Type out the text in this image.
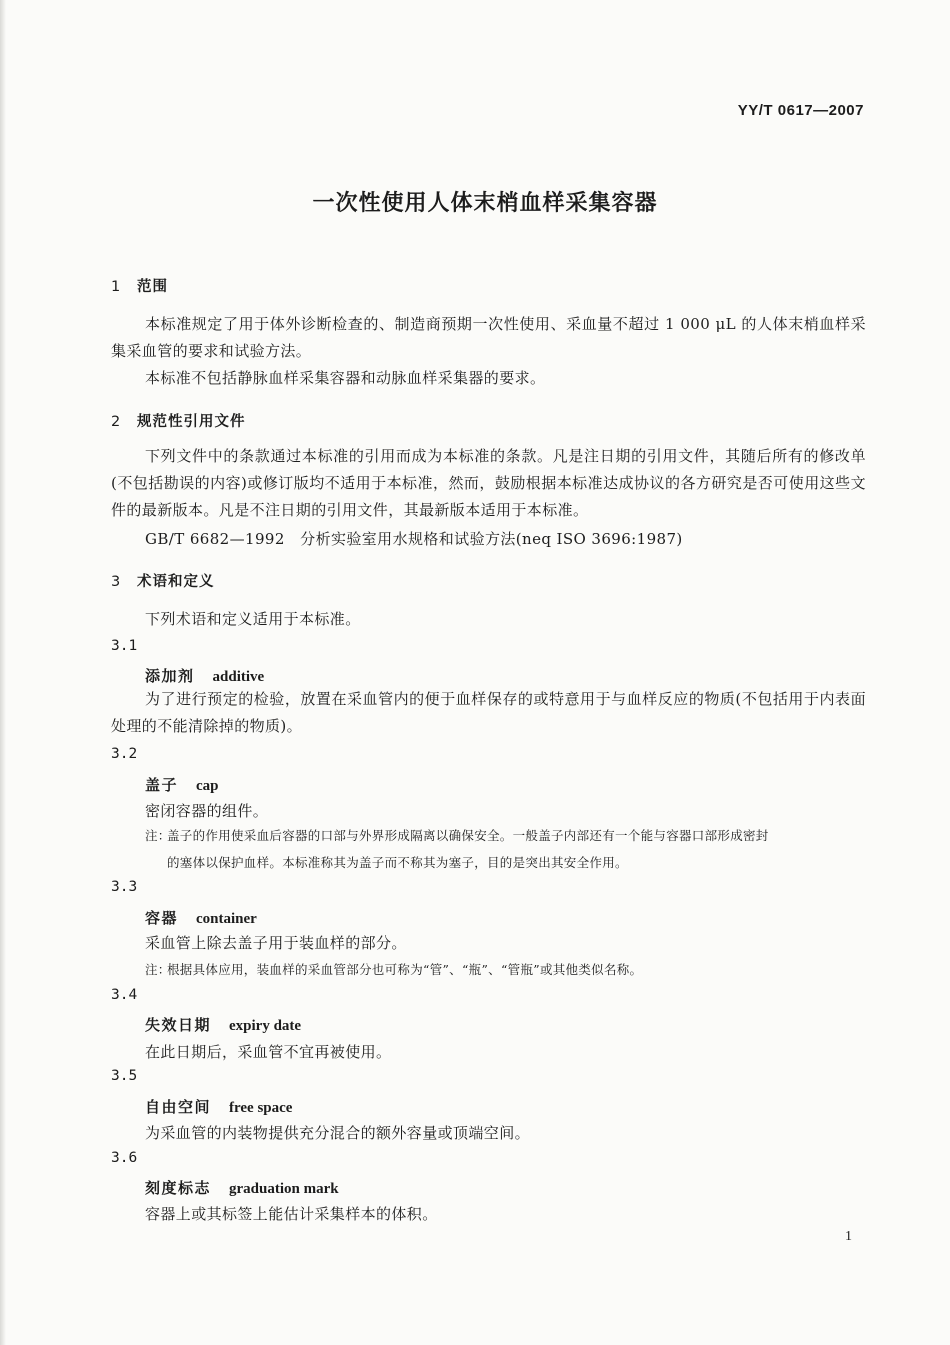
YY/T 0617—2007
一次性使用人体末梢血样采集容器
1 范围
本标准规定了用于体外诊断检查的、制造商预期一次性使用、采血量不超过 1 000 μL 的人体末梢血样采集采血管的要求和试验方法。
本标准不包括静脉血样采集容器和动脉血样采集器的要求。
2 规范性引用文件
下列文件中的条款通过本标准的引用而成为本标准的条款。凡是注日期的引用文件，其随后所有的修改单(不包括勘误的内容)或修订版均不适用于本标准，然而，鼓励根据本标准达成协议的各方研究是否可使用这些文件的最新版本。凡是不注日期的引用文件，其最新版本适用于本标准。
GB/T 6682—1992　分析实验室用水规格和试验方法(neq ISO 3696:1987)
3 术语和定义
下列术语和定义适用于本标准。
3.1
添加剂 additive
为了进行预定的检验，放置在采血管内的便于血样保存的或特意用于与血样反应的物质(不包括用于内表面处理的不能清除掉的物质)。
3.2
盖子 cap
密闭容器的组件。
注：盖子的作用使采血后容器的口部与外界形成隔离以确保安全。一般盖子内部还有一个能与容器口部形成密封
的塞体以保护血样。本标准称其为盖子而不称其为塞子，目的是突出其安全作用。
3.3
容器 container
采血管上除去盖子用于装血样的部分。
注：根据具体应用，装血样的采血管部分也可称为“管”、“瓶”、“管瓶”或其他类似名称。
3.4
失效日期 expiry date
在此日期后，采血管不宜再被使用。
3.5
自由空间 free space
为采血管的内装物提供充分混合的额外容量或顶端空间。
3.6
刻度标志 graduation mark
容器上或其标签上能估计采集样本的体积。
1
